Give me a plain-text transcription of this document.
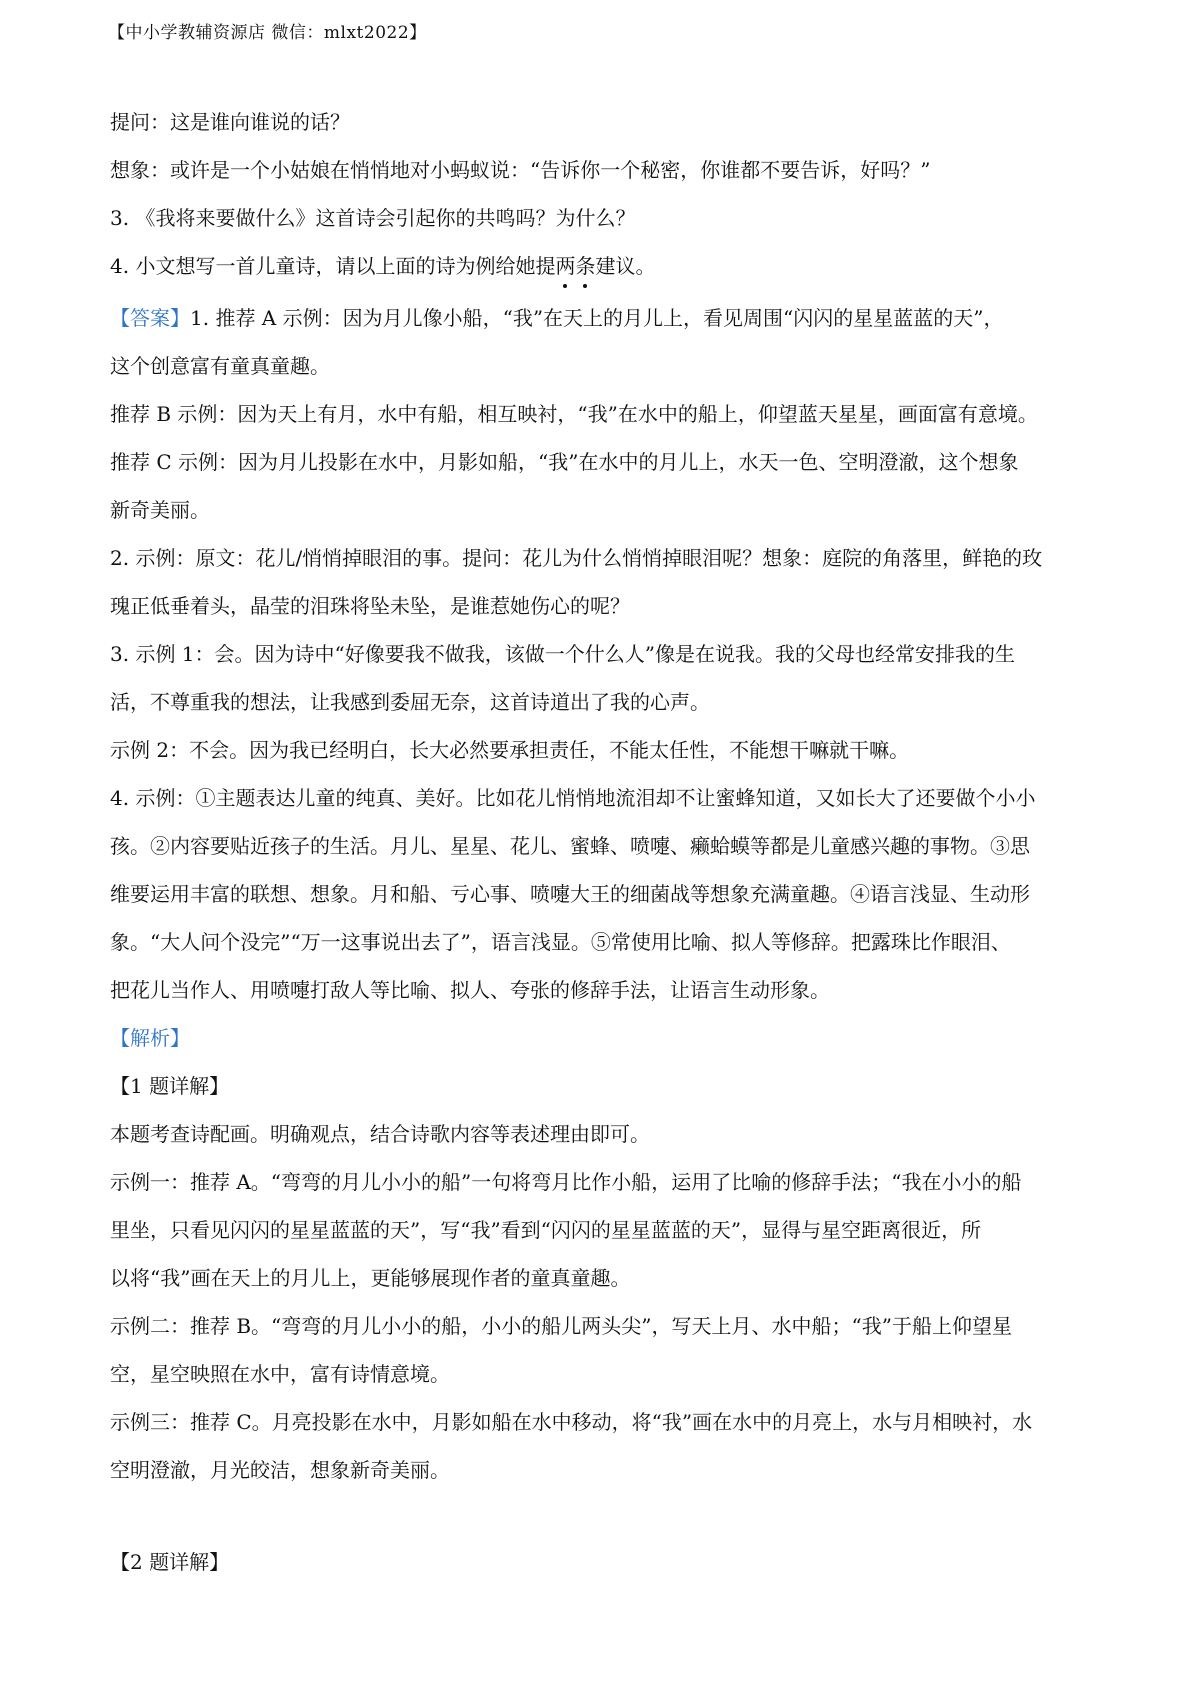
【中小学教辅资源店 微信：mlxt2022】

提问：这是谁向谁说的话？

想象：或许是一个小姑娘在悄悄地对小蚂蚁说：“告诉你一个秘密，你谁都不要告诉，好吗？”

3. 《我将来要做什么》这首诗会引起你的共鸣吗？为什么？

4. 小文想写一首儿童诗，请以上面的诗为例给她提两条建议。

【答案】1. 推荐 A 示例：因为月儿像小船，“我”在天上的月儿上，看见周围“闪闪的星星蓝蓝的天”，

这个创意富有童真童趣。

推荐 B 示例：因为天上有月，水中有船，相互映衬，“我”在水中的船上，仰望蓝天星星，画面富有意境。

推荐 C 示例：因为月儿投影在水中，月影如船，“我”在水中的月儿上，水天一色、空明澄澈，这个想象

新奇美丽。

2. 示例：原文：花儿/悄悄掉眼泪的事。提问：花儿为什么悄悄掉眼泪呢？想象：庭院的角落里，鲜艳的玫

瑰正低垂着头，晶莹的泪珠将坠未坠，是谁惹她伤心的呢？

3. 示例 1：会。因为诗中“好像要我不做我，该做一个什么人”像是在说我。我的父母也经常安排我的生

活，不尊重我的想法，让我感到委屈无奈，这首诗道出了我的心声。

示例 2：不会。因为我已经明白，长大必然要承担责任，不能太任性，不能想干嘛就干嘛。

4. 示例：①主题表达儿童的纯真、美好。比如花儿悄悄地流泪却不让蜜蜂知道，又如长大了还要做个小小

孩。②内容要贴近孩子的生活。月儿、星星、花儿、蜜蜂、喷嚏、癞蛤蟆等都是儿童感兴趣的事物。③思

维要运用丰富的联想、想象。月和船、亏心事、喷嚏大王的细菌战等想象充满童趣。④语言浅显、生动形

象。“大人问个没完”“万一这事说出去了”，语言浅显。⑤常使用比喻、拟人等修辞。把露珠比作眼泪、

把花儿当作人、用喷嚏打敌人等比喻、拟人、夸张的修辞手法，让语言生动形象。

【解析】

【1 题详解】

本题考查诗配画。明确观点，结合诗歌内容等表述理由即可。

示例一：推荐 A。“弯弯的月儿小小的船”一句将弯月比作小船，运用了比喻的修辞手法；“我在小小的船

里坐，只看见闪闪的星星蓝蓝的天”，写“我”看到“闪闪的星星蓝蓝的天”，显得与星空距离很近，所

以将“我”画在天上的月儿上，更能够展现作者的童真童趣。

示例二：推荐 B。“弯弯的月儿小小的船，小小的船儿两头尖”，写天上月、水中船；“我”于船上仰望星

空，星空映照在水中，富有诗情意境。

示例三：推荐 C。月亮投影在水中，月影如船在水中移动，将“我”画在水中的月亮上，水与月相映衬，水

空明澄澈，月光皎洁，想象新奇美丽。

【2 题详解】
